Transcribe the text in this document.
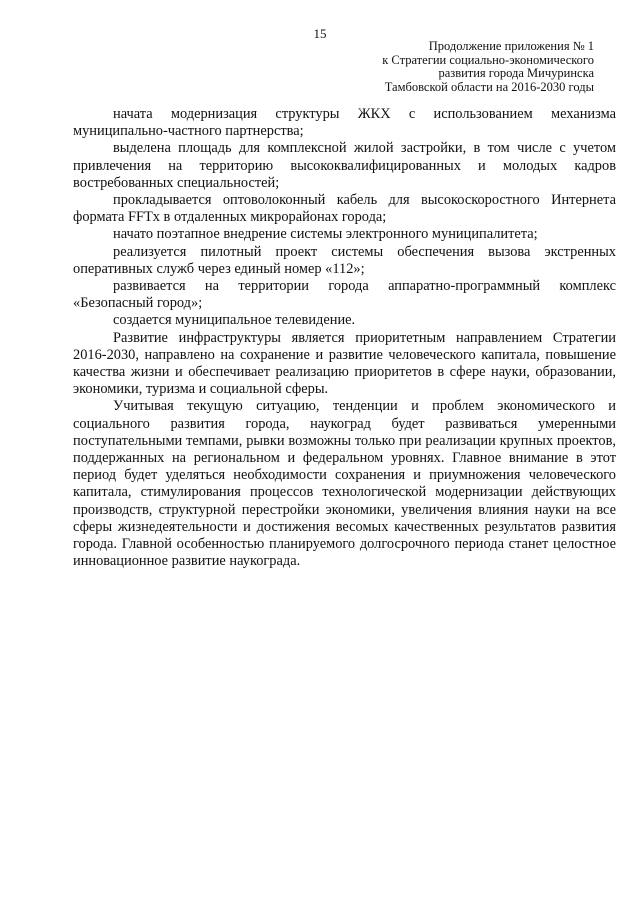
15
Продолжение приложения № 1
к Стратегии социально-экономического
развития города Мичуринска
Тамбовской области на 2016-2030 годы

начата модернизация структуры ЖКХ с использованием механизма муниципально-частного партнерства;

выделена площадь для комплексной жилой застройки, в том числе с учетом привлечения на территорию высококвалифицированных и молодых кадров востребованных специальностей;

прокладывается оптоволоконный кабель для высокоскоростного Интернета формата FFTx в отдаленных микрорайонах города;

начато поэтапное внедрение системы электронного муниципалитета;

реализуется пилотный проект системы обеспечения вызова экстренных оперативных служб через единый номер «112»;

развивается на территории города аппаратно-программный комплекс «Безопасный город»;

создается муниципальное телевидение.

Развитие инфраструктуры является приоритетным направлением Стратегии 2016-2030, направлено на сохранение и развитие человеческого капитала, повышение качества жизни и обеспечивает реализацию приоритетов в сфере науки, образовании, экономики, туризма и социальной сферы.

Учитывая текущую ситуацию, тенденции и проблем экономического и социального развития города, наукоград будет развиваться умеренными поступательными темпами, рывки возможны только при реализации крупных проектов, поддержанных на региональном и федеральном уровнях. Главное внимание в этот период будет уделяться необходимости сохранения и приумножения человеческого капитала, стимулирования процессов технологической модернизации действующих производств, структурной перестройки экономики, увеличения влияния науки на все сферы жизнедеятельности и достижения весомых качественных результатов развития города. Главной особенностью планируемого долгосрочного периода станет целостное инновационное развитие наукограда.
